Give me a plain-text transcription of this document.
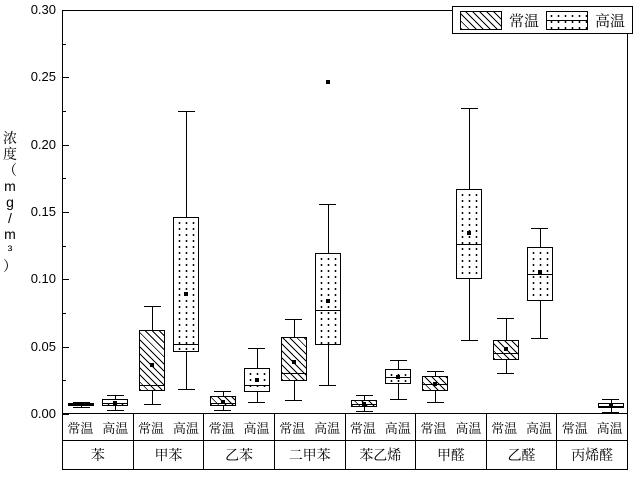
浓
度
（
m
g
/
m
³
）
0.00
0.05
0.10
0.15
0.20
0.25
0.30
常温	高温
常温 高温 常温 高温 常温 高温 常温 高温 常温 高温 常温 高温 常温 高温 常温 高温
苯	甲苯	乙苯	二甲苯	苯乙烯	甲醛	乙醛	丙烯醛
